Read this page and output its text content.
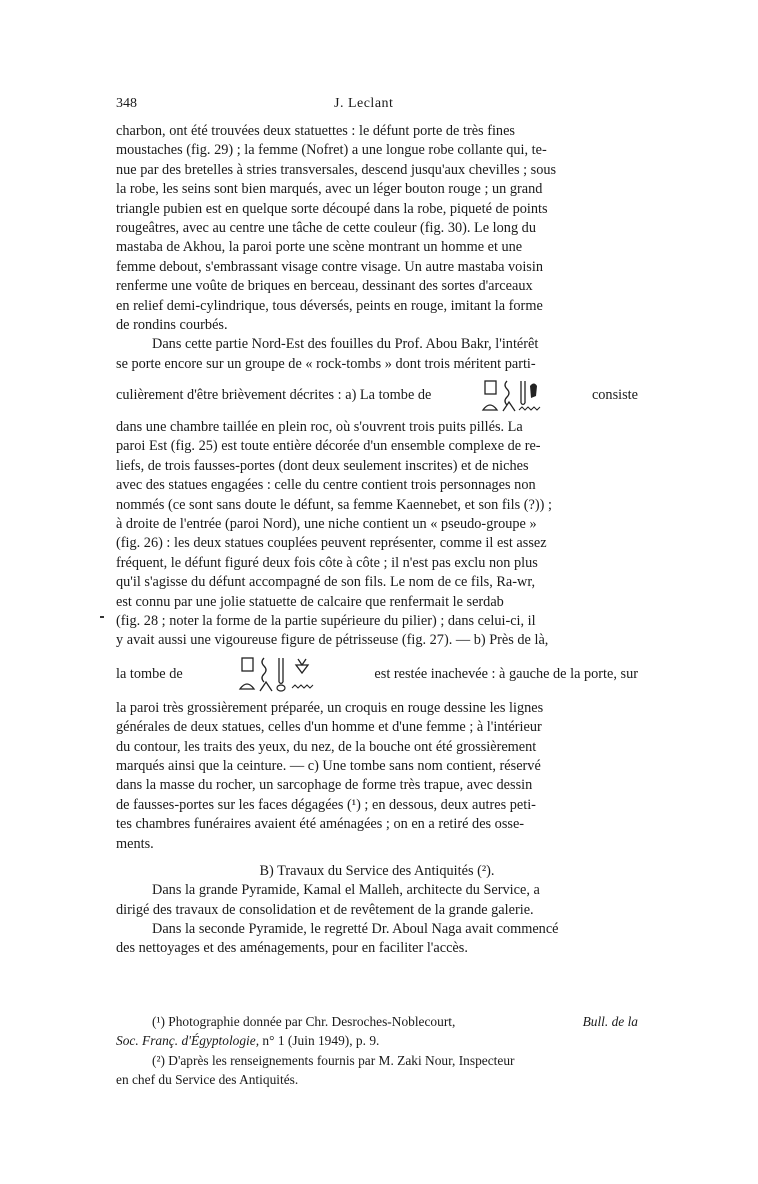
348	J. Leclant
charbon, ont été trouvées deux statuettes : le défunt porte de très fines
moustaches (fig. 29) ; la femme (Nofret) a une longue robe collante qui, te-
nue par des bretelles à stries transversales, descend jusqu'aux chevilles ; sous
la robe, les seins sont bien marqués, avec un léger bouton rouge ; un grand
triangle pubien est en quelque sorte découpé dans la robe, piqueté de points
rougeâtres, avec au centre une tâche de cette couleur (fig. 30). Le long du
mastaba de Akhou, la paroi porte une scène montrant un homme et une
femme debout, s'embrassant visage contre visage. Un autre mastaba voisin
renferme une voûte de briques en berceau, dessinant des sortes d'arceaux
en relief demi-cylindrique, tous déversés, peints en rouge, imitant la forme
de rondins courbés.
Dans cette partie Nord-Est des fouilles du Prof. Abou Bakr, l'intérêt
se porte encore sur un groupe de « rock-tombs » dont trois méritent parti-
culièrement d'être brièvement décrites : a) La tombe de	consiste
dans une chambre taillée en plein roc, où s'ouvrent trois puits pillés. La
paroi Est (fig. 25) est toute entière décorée d'un ensemble complexe de re-
liefs, de trois fausses-portes (dont deux seulement inscrites) et de niches
avec des statues engagées : celle du centre contient trois personnages non
nommés (ce sont sans doute le défunt, sa femme Kaennebet, et son fils (?)) ;
à droite de l'entrée (paroi Nord), une niche contient un « pseudo-groupe »
(fig. 26) : les deux statues couplées peuvent représenter, comme il est assez
fréquent, le défunt figuré deux fois côte à côte ; il n'est pas exclu non plus
qu'il s'agisse du défunt accompagné de son fils. Le nom de ce fils, Ra-wr,
est connu par une jolie statuette de calcaire que renfermait le serdab
(fig. 28 ; noter la forme de la partie supérieure du pilier) ; dans celui-ci, il
y avait aussi une vigoureuse figure de pétrisseuse (fig. 27). — b) Près de là,
la tombe de	est restée inachevée : à gauche de la porte, sur
la paroi très grossièrement préparée, un croquis en rouge dessine les lignes
générales de deux statues, celles d'un homme et d'une femme ; à l'intérieur
du contour, les traits des yeux, du nez, de la bouche ont été grossièrement
marqués ainsi que la ceinture. — c) Une tombe sans nom contient, réservé
dans la masse du rocher, un sarcophage de forme très trapue, avec dessin
de fausses-portes sur les faces dégagées (¹) ; en dessous, deux autres peti-
tes chambres funéraires avaient été aménagées ; on en a retiré des osse-
ments.
B) Travaux du Service des Antiquités (²).
Dans la grande Pyramide, Kamal el Malleh, architecte du Service, a
dirigé des travaux de consolidation et de revêtement de la grande galerie.
Dans la seconde Pyramide, le regretté Dr. Aboul Naga avait commencé
des nettoyages et des aménagements, pour en faciliter l'accès.
(¹) Photographie donnée par Chr. Desroches-Noblecourt,	Bull. de la
Soc. Franç. d'Égyptologie,
n° 1 (Juin 1949), p. 9.
(²) D'après les renseignements fournis par M. Zaki Nour, Inspecteur
en chef du Service des Antiquités.
